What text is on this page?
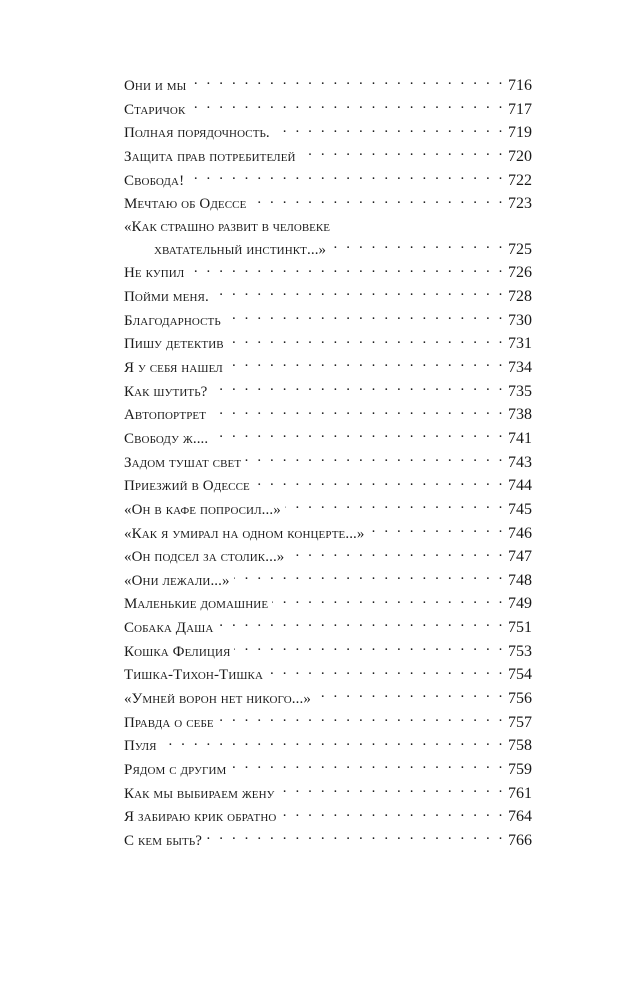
Они и мы . . .	716
Старичок . . .	717
Полная порядочность. . . .	719
Защита прав потребителей . . .	720
Свобода! . . .	722
Мечтаю об Одессе . . .	723
«Как страшно развит в человеке
хватательный инстинкт...» . . .	725
Не купил . . .	726
Пойми меня. . . .	728
Благодарность . . .	730
Пишу детектив . . .	731
Я у себя нашел . . .	734
Как шутить? . . .	735
Автопортрет . . .	738
Свободу ж.... . . .	741
Задом тушат свет . . .	743
Приезжий в Одессе . . .	744
«Он в кафе попросил...» . . .	745
«Как я умирал на одном концерте...» . . .	746
«Он подсел за столик...» . . .	747
«Они лежали...» . . .	748
Маленькие домашние . . .	749
Собака Даша . . .	751
Кошка Фелиция . . .	753
Тишка-Тихон-Тишка . . .	754
«Умней ворон нет никого...» . . .	756
Правда о себе . . .	757
Пуля . . .	758
Рядом с другим . . .	759
Как мы выбираем жену . . .	761
Я забираю крик обратно . . .	764
С кем быть? . . .	766
